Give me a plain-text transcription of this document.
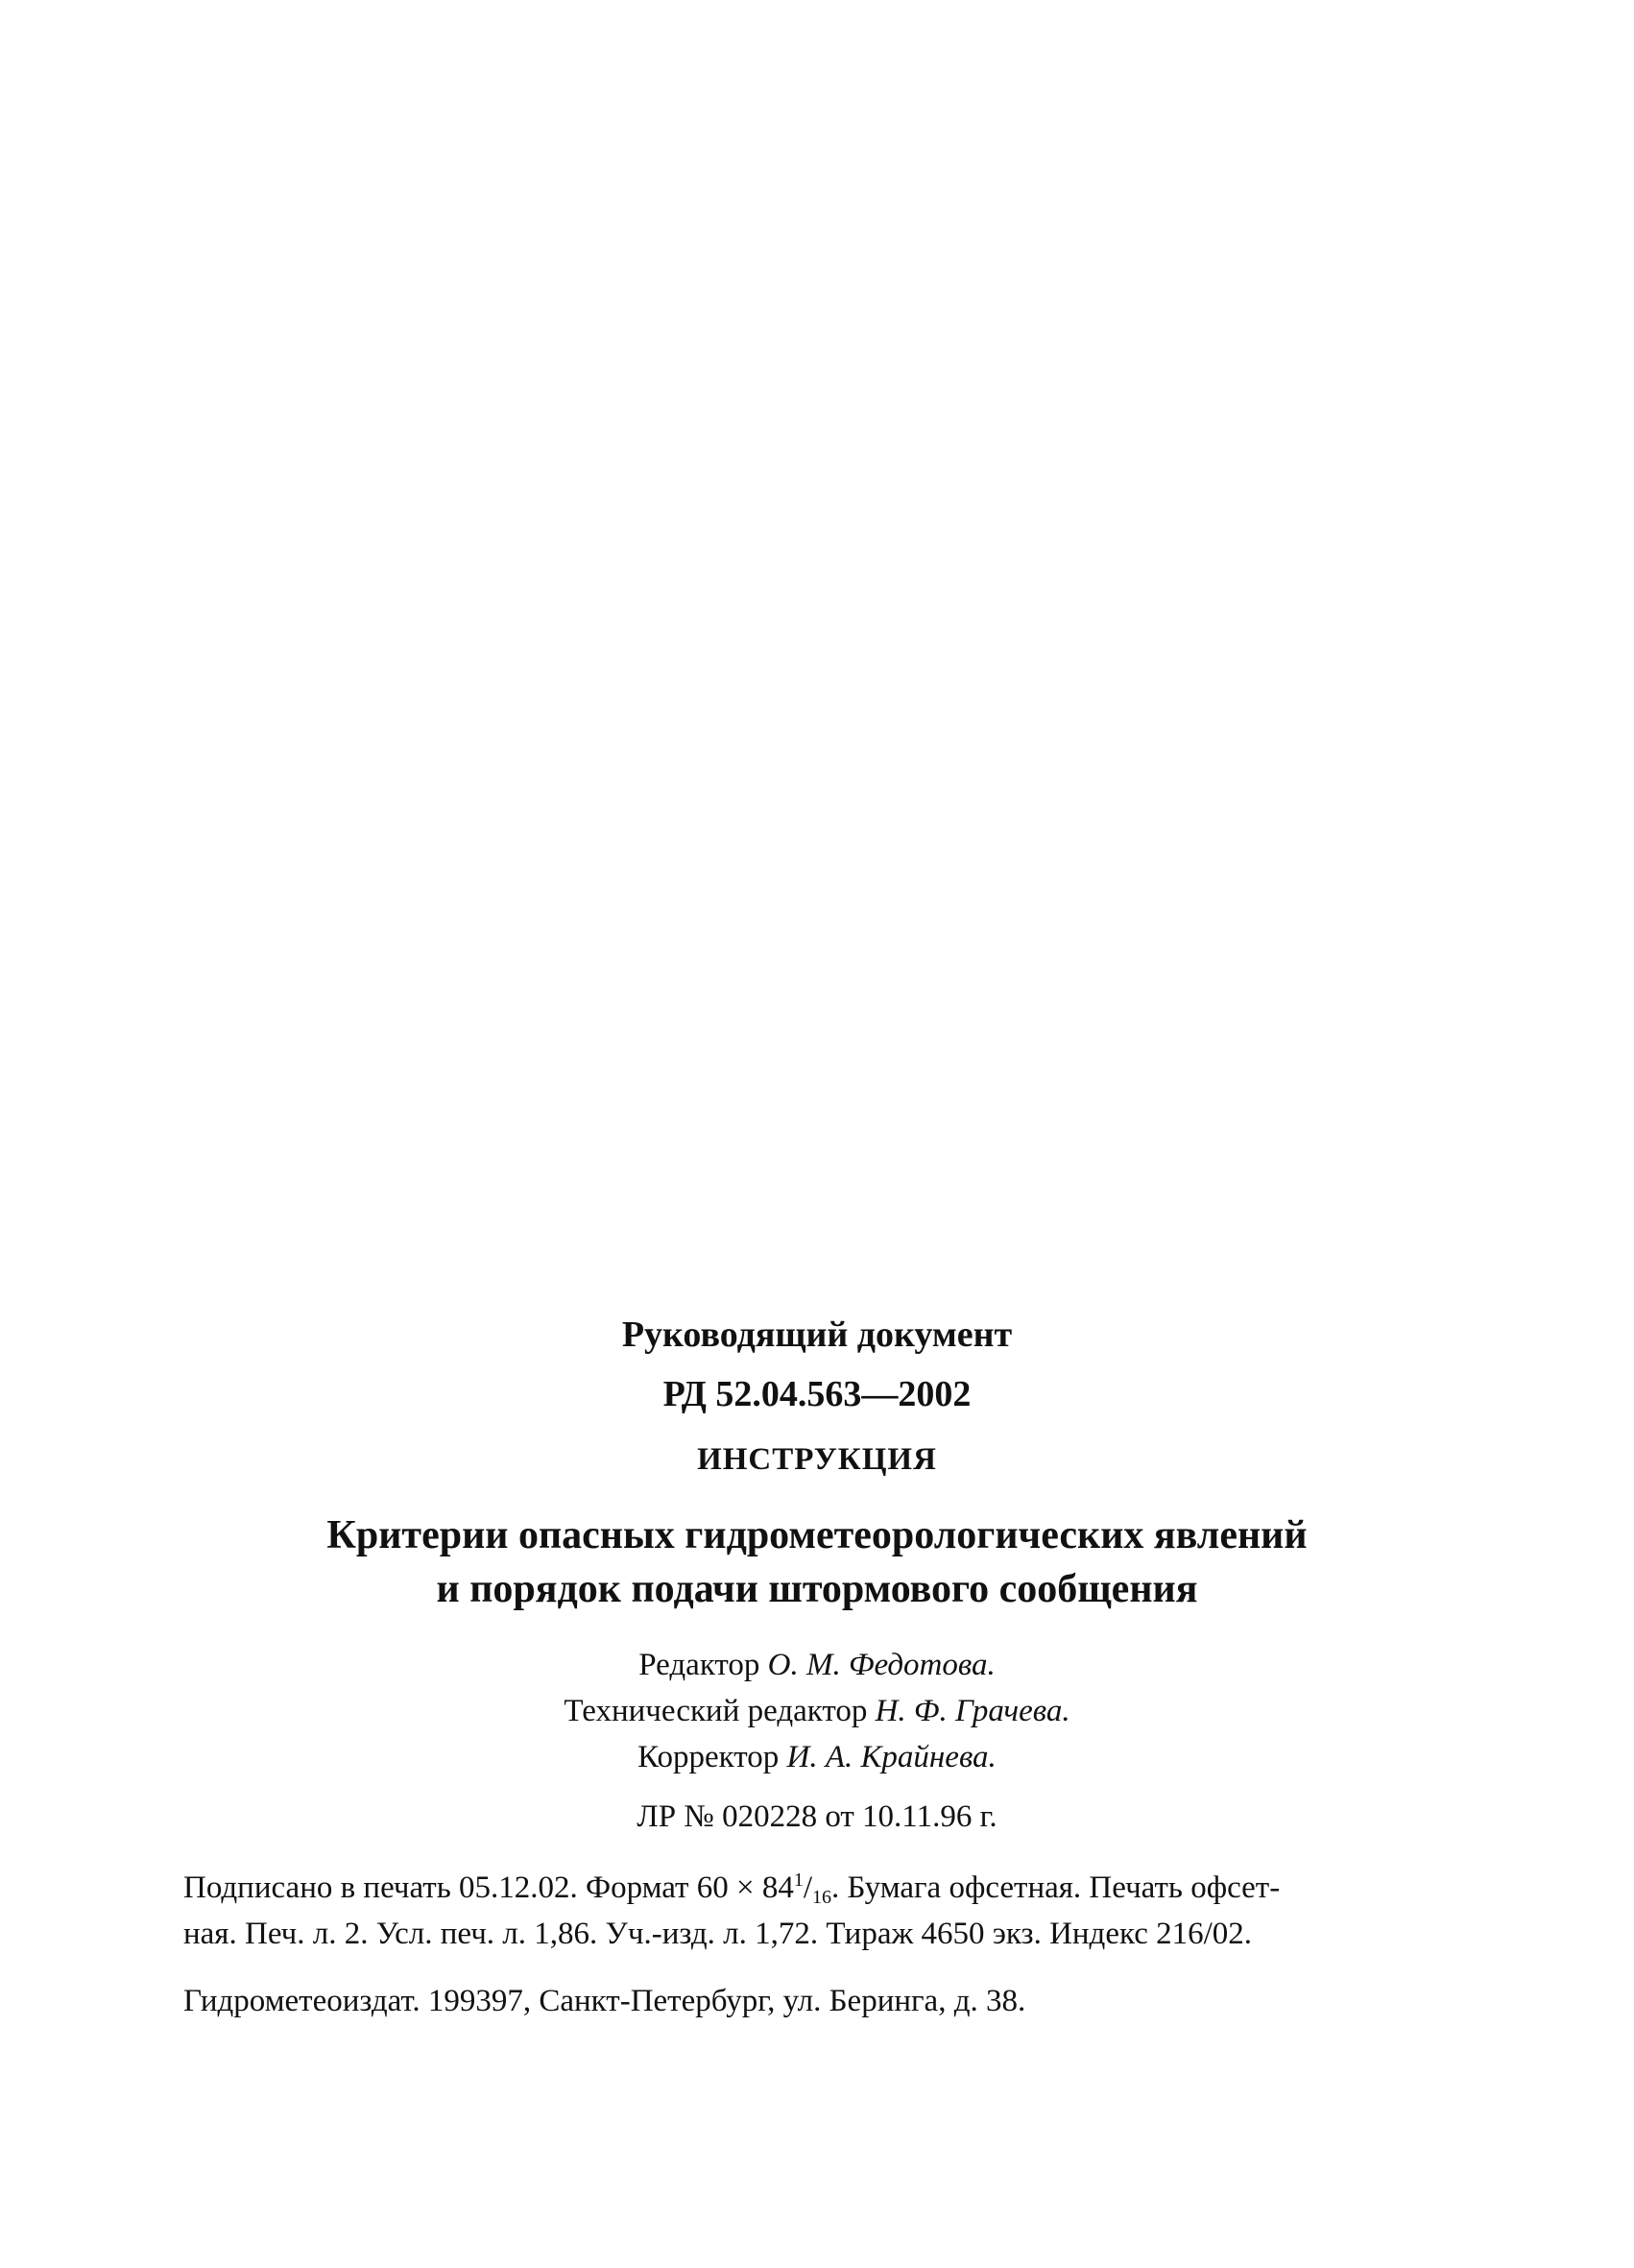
Руководящий документ
РД 52.04.563—2002
ИНСТРУКЦИЯ
Критерии опасных гидрометеорологических явлений
и порядок подачи штормового сообщения
Редактор О. М. Федотова.
Технический редактор Н. Ф. Грачева.
Корректор И. А. Крайнева.
ЛР № 020228 от 10.11.96 г.
Подписано в печать 05.12.02. Формат $60 \times 84^1/_{16}$. Бумага офсетная. Печать офсет-
ная. Печ. л. 2. Усл. печ. л. 1,86. Уч.-изд. л. 1,72. Тираж 4650 экз. Индекс 216/02.
Гидрометеоиздат. 199397, Санкт-Петербург, ул. Беринга, д. 38.
